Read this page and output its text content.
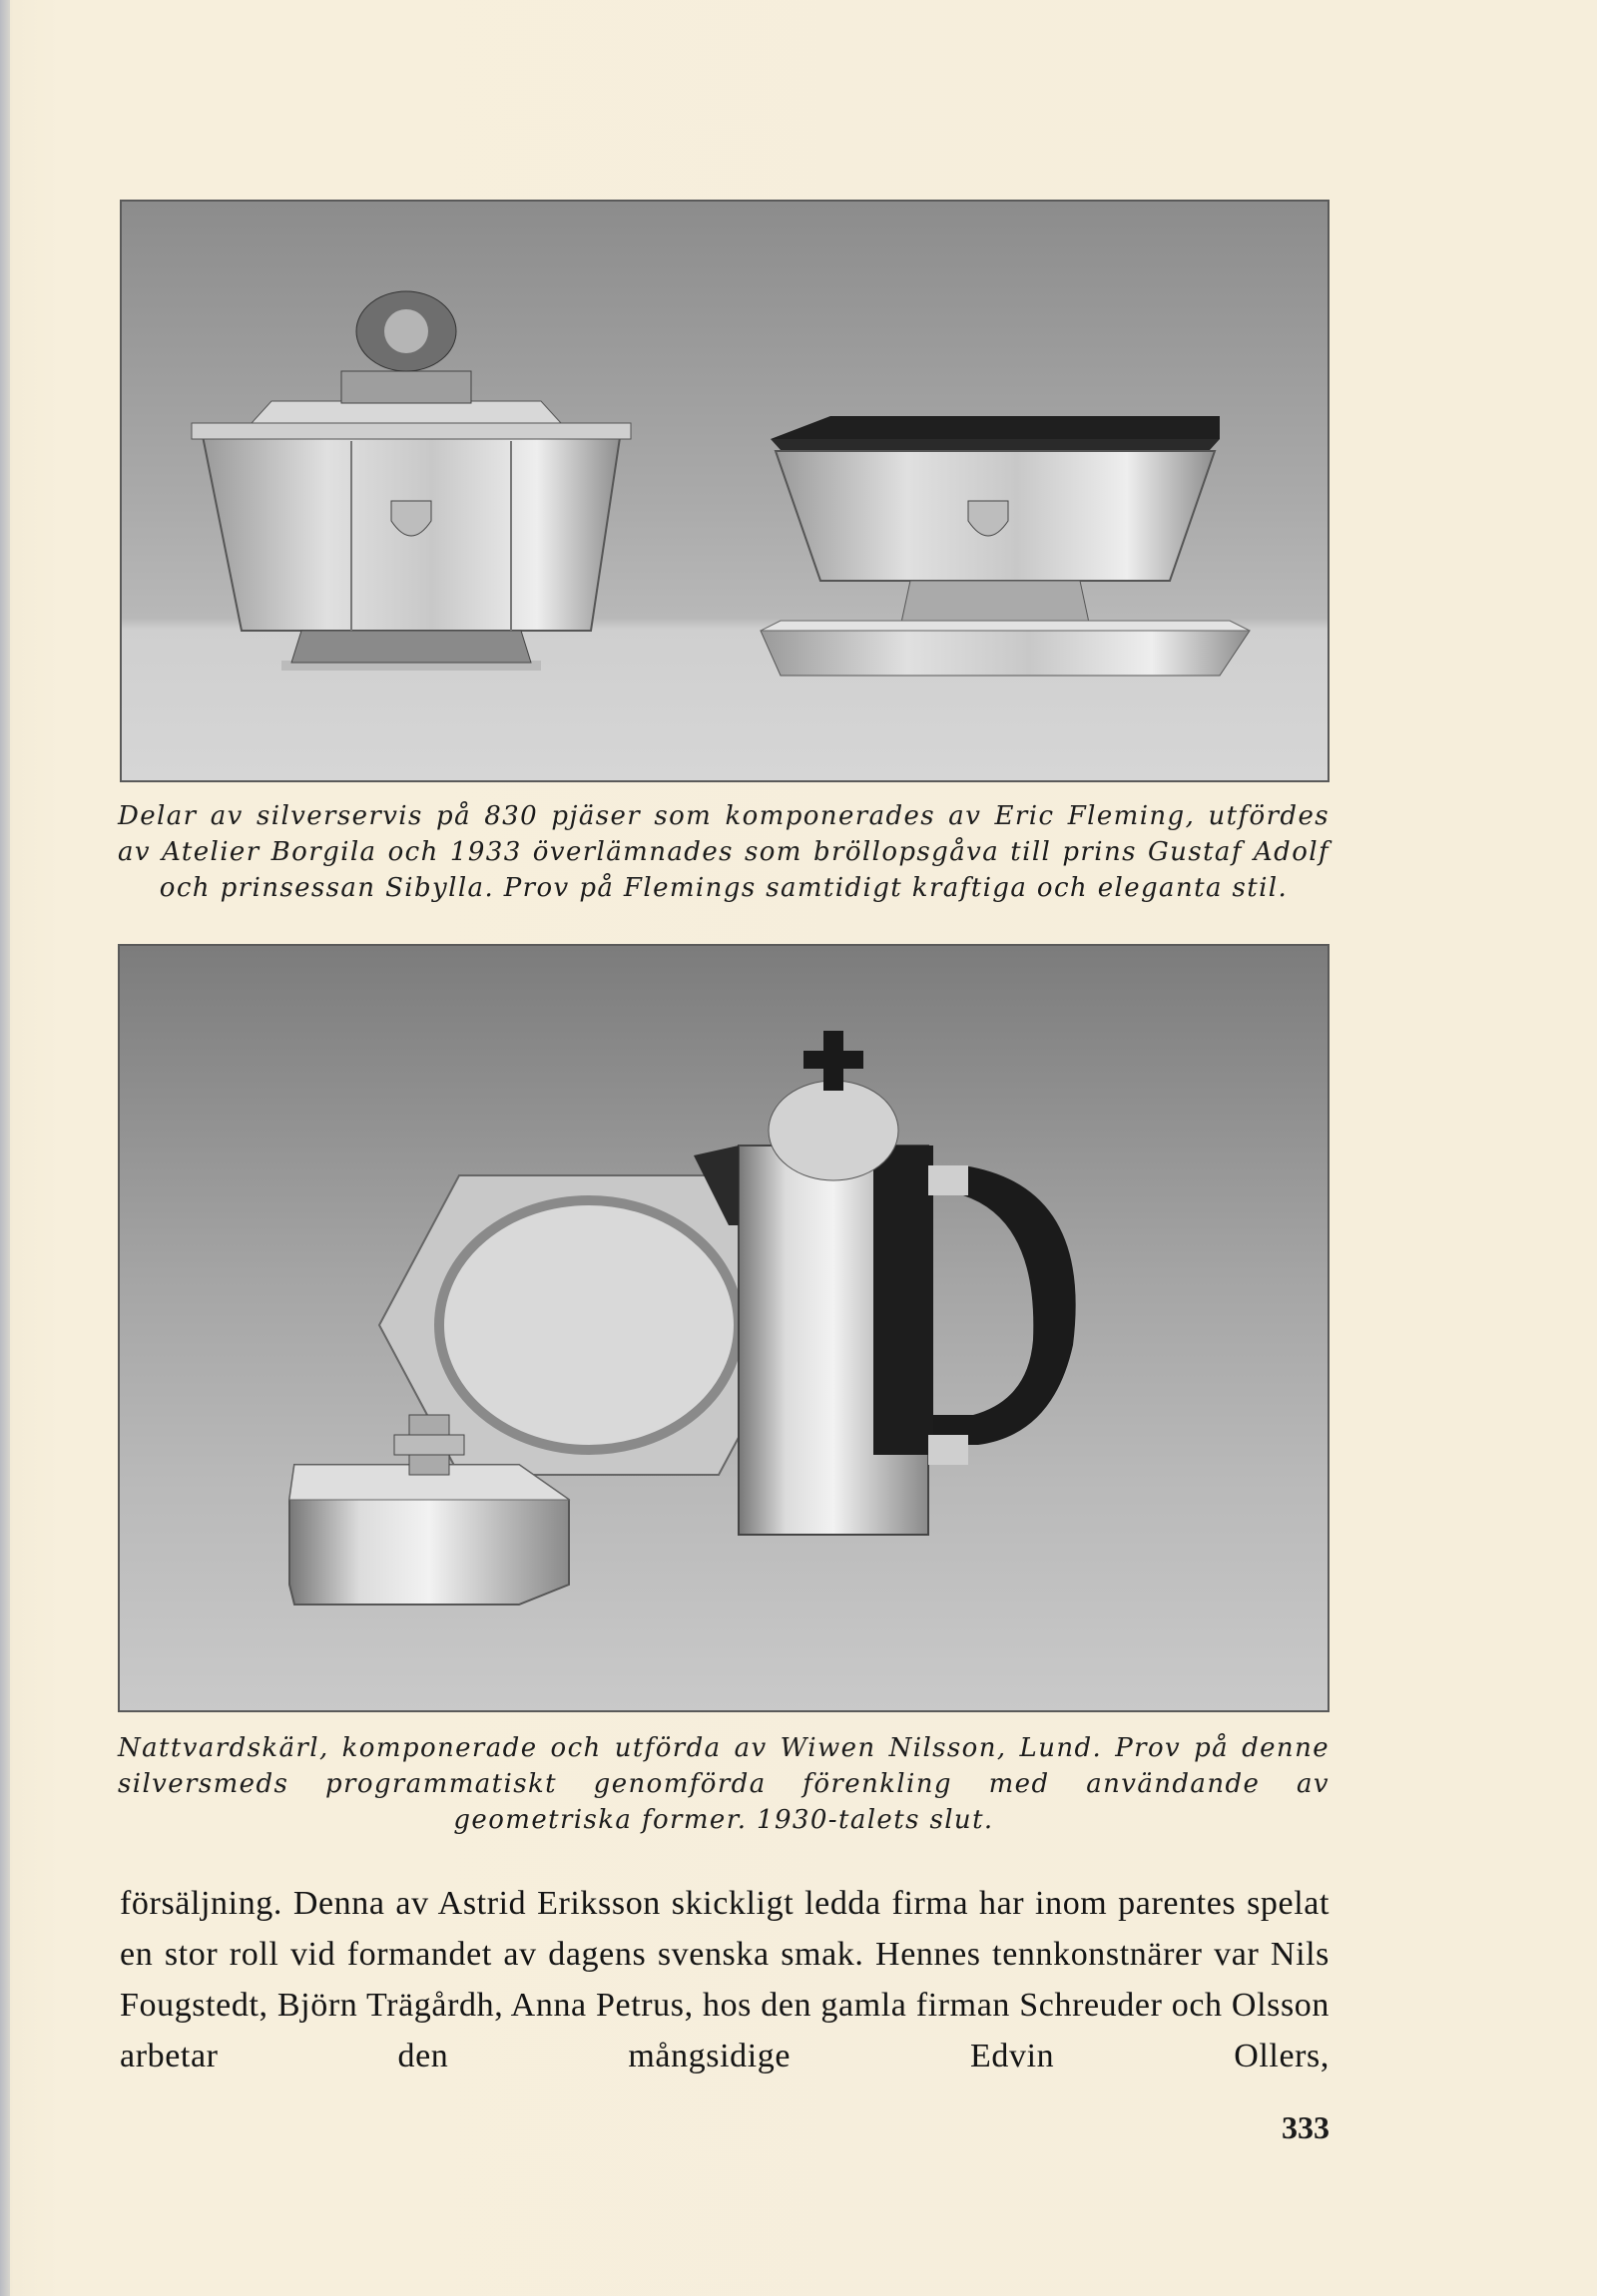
Delar av silverservis på 830 pjäser som komponerades av Eric Fleming, utfördes av Atelier Borgila och 1933 överlämnades som bröllopsgåva till prins Gustaf Adolf och prinsessan Sibylla. Prov på Flemings samtidigt kraftiga och eleganta stil.
Nattvardskärl, komponerade och utförda av Wiwen Nilsson, Lund. Prov på denne silversmeds programmatiskt genomförda förenkling med användande av geometriska former. 1930-talets slut.
försäljning. Denna av Astrid Eriksson skickligt ledda firma har inom parentes spelat en stor roll vid formandet av dagens svenska smak. Hennes tennkonstnärer var Nils Fougstedt, Björn Trägårdh, Anna Petrus, hos den gamla firman Schreuder och Olsson arbetar den mångsidige Edvin Ollers,
333
